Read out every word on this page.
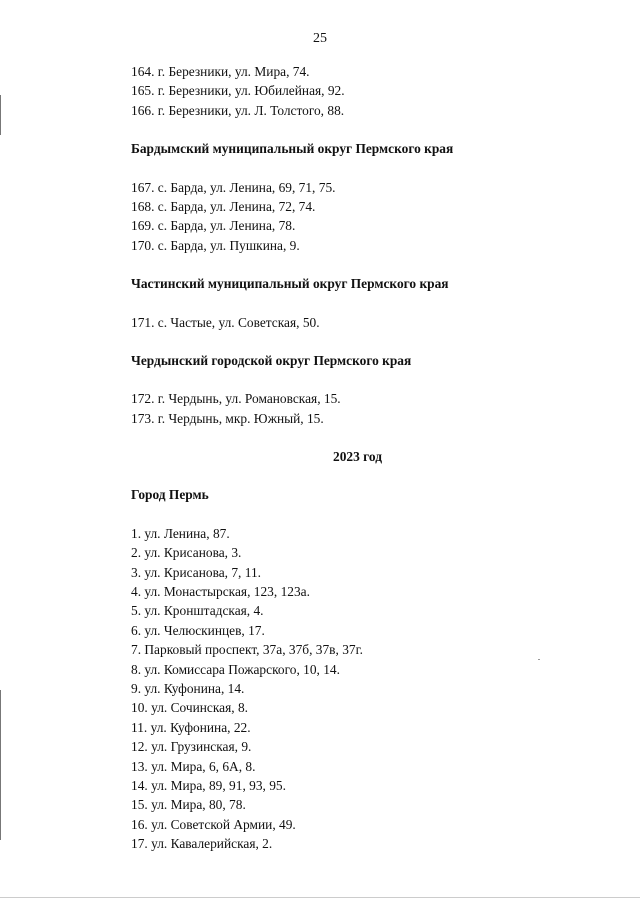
25
164. г. Березники, ул. Мира, 74.
165. г. Березники, ул. Юбилейная, 92.
166. г. Березники, ул. Л. Толстого, 88.
Бардымский муниципальный округ Пермского края
167. с. Барда, ул. Ленина, 69, 71, 75.
168. с. Барда, ул. Ленина, 72, 74.
169. с. Барда, ул. Ленина, 78.
170. с. Барда, ул. Пушкина, 9.
Частинский муниципальный округ Пермского края
171. с. Частые, ул. Советская, 50.
Чердынский городской округ Пермского края
172. г. Чердынь, ул. Романовская, 15.
173. г. Чердынь, мкр. Южный, 15.
2023 год
Город Пермь
1. ул. Ленина, 87.
2. ул. Крисанова, 3.
3. ул. Крисанова, 7, 11.
4. ул. Монастырская, 123, 123а.
5. ул. Кронштадская, 4.
6. ул. Челюскинцев, 17.
7. Парковый проспект, 37а, 37б, 37в, 37г.
8. ул. Комиссара Пожарского, 10, 14.
9. ул. Куфонина, 14.
10. ул. Сочинская, 8.
11. ул. Куфонина, 22.
12. ул. Грузинская, 9.
13. ул. Мира, 6, 6А, 8.
14. ул. Мира, 89, 91, 93, 95.
15. ул. Мира, 80, 78.
16. ул. Советской Армии, 49.
17. ул. Кавалерийская, 2.
